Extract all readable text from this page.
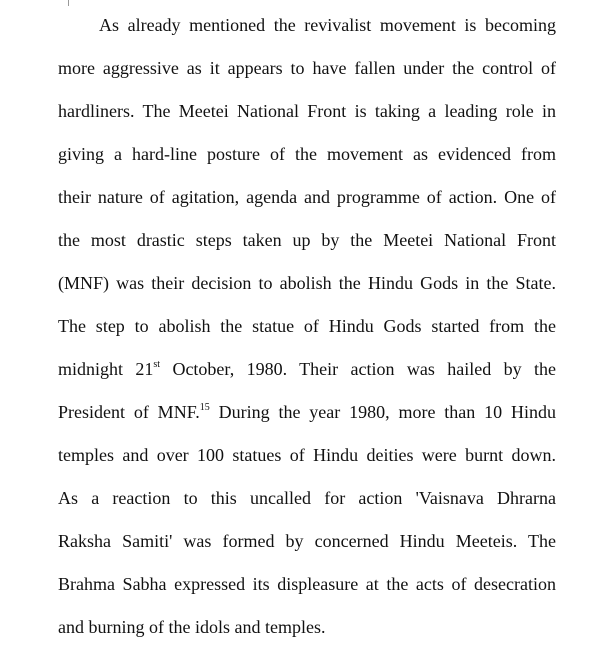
As already mentioned the revivalist movement is becoming
more aggressive as it appears to have fallen under the control of
hardliners. The Meetei National Front is taking a leading role in
giving a hard-line posture of the movement as evidenced from
their nature of agitation, agenda and programme of action. One of
the most drastic steps taken up by the Meetei National Front
(MNF) was their decision to abolish the Hindu Gods in the State.
The step to abolish the statue of Hindu Gods started from the
midnight 21st October, 1980. Their action was hailed by the
President of MNF.$^{15}$ During the year 1980, more than 10 Hindu
temples and over 100 statues of Hindu deities were burnt down.
As a reaction to this uncalled for action 'Vaisnava Dhrarna
Raksha Samiti' was formed by concerned Hindu Meeteis. The
Brahma Sabha expressed its displeasure at the acts of desecration
and burning of the idols and temples.
